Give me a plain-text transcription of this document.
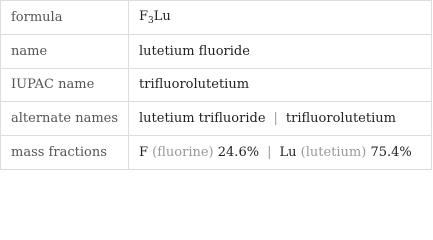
formula	$F_3Lu$
name	lutetium fluoride
IUPAC name	trifluorolutetium
alternate names	lutetium trifluoride | trifluorolutetium
mass fractions	F (fluorine) 24.6% | Lu (lutetium) 75.4%
